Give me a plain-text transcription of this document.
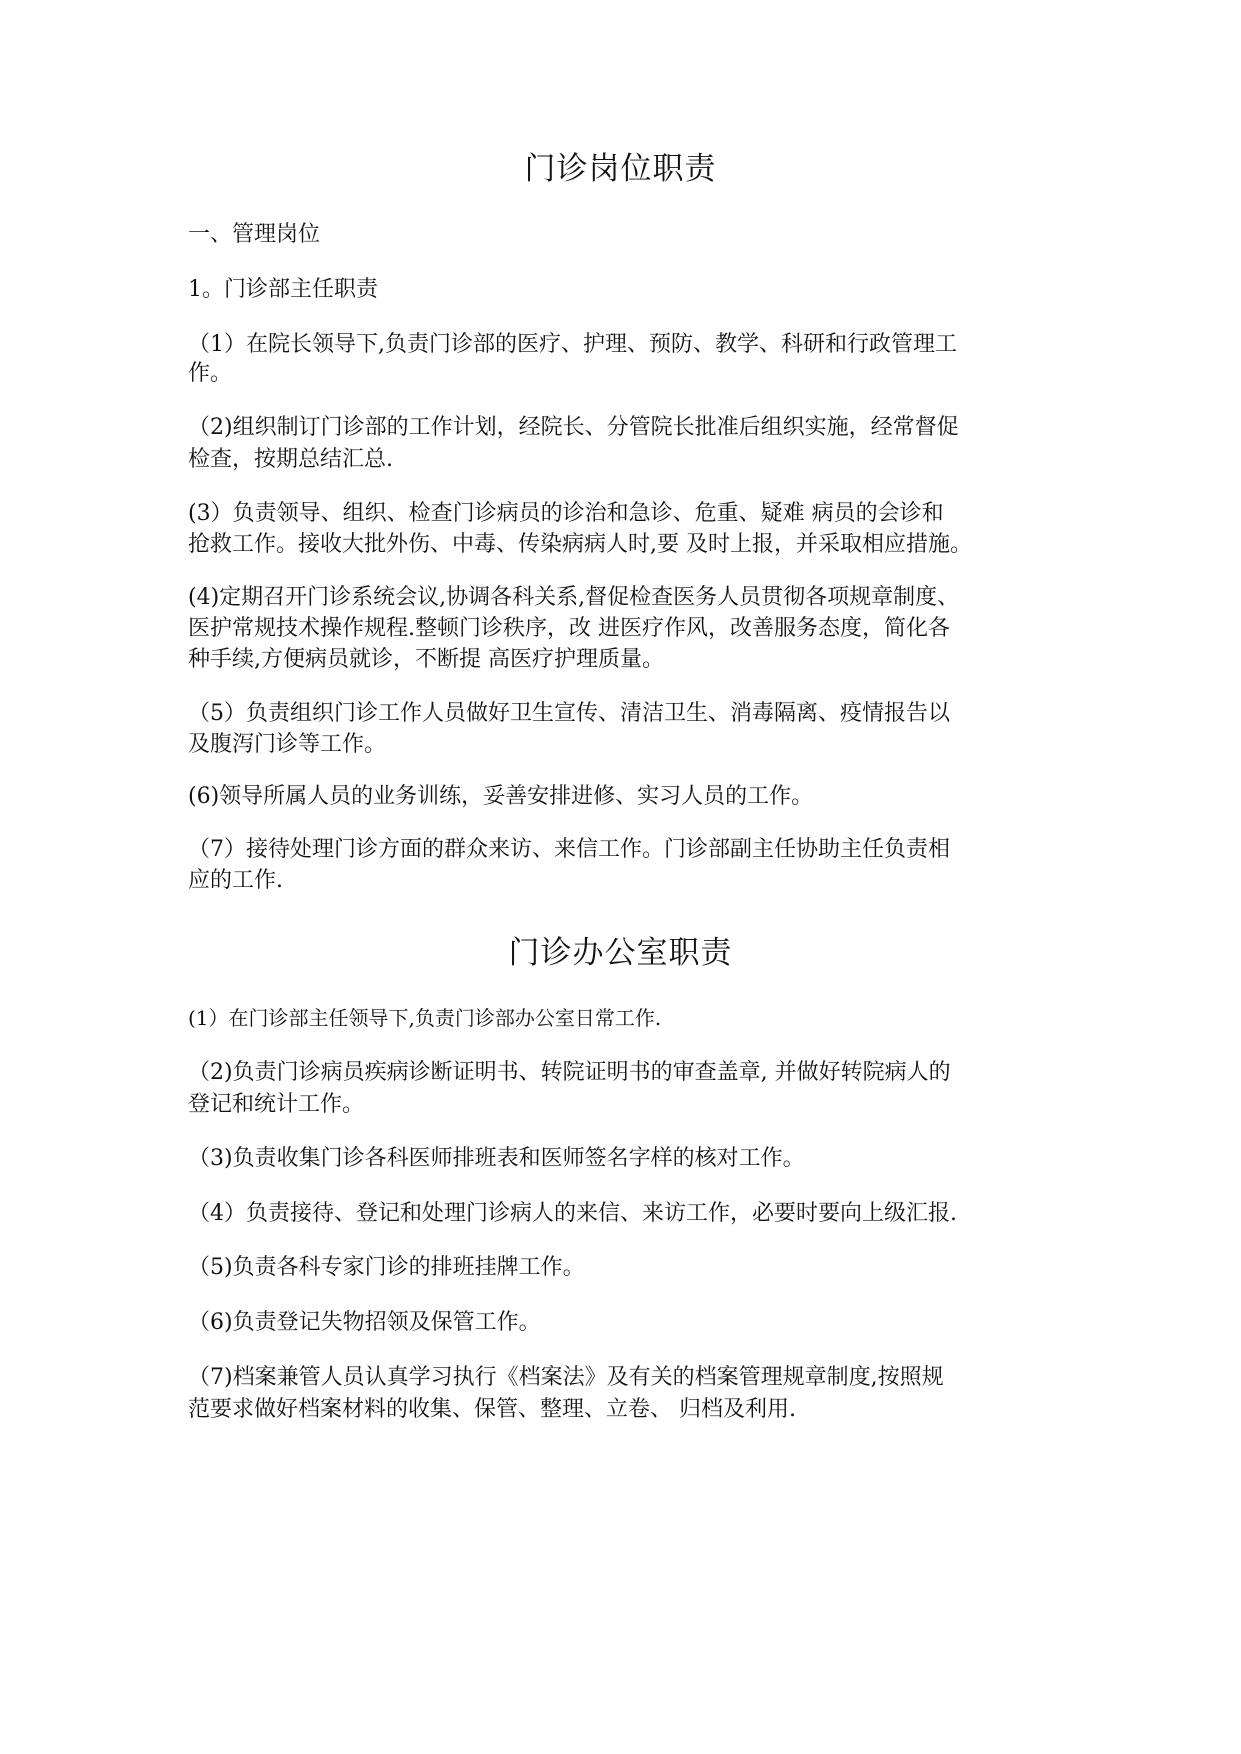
门诊岗位职责

一、管理岗位

1。门诊部主任职责

（1）在院长领导下,负责门诊部的医疗、护理、预防、教学、科研和行政管理工

作。

（2)组织制订门诊部的工作计划，经院长、分管院长批准后组织实施，经常督促

检查，按期总结汇总.

(3）负责领导、组织、检查门诊病员的诊治和急诊、危重、疑难 病员的会诊和

抢救工作。接收大批外伤、中毒、传染病病人时,要 及时上报，并采取相应措施。

(4)定期召开门诊系统会议,协调各科关系,督促检查医务人员贯彻各项规章制度、

医护常规技术操作规程.整顿门诊秩序，改 进医疗作风，改善服务态度，简化各

种手续,方便病员就诊，不断提 高医疗护理质量。

（5）负责组织门诊工作人员做好卫生宣传、清洁卫生、消毒隔离、疫情报告以

及腹泻门诊等工作。

(6)领导所属人员的业务训练，妥善安排进修、实习人员的工作。

（7）接待处理门诊方面的群众来访、来信工作。门诊部副主任协助主任负责相

应的工作.

门诊办公室职责

(1）在门诊部主任领导下,负责门诊部办公室日常工作.

（2)负责门诊病员疾病诊断证明书、转院证明书的审查盖章, 并做好转院病人的

登记和统计工作。

（3)负责收集门诊各科医师排班表和医师签名字样的核对工作。

（4）负责接待、登记和处理门诊病人的来信、来访工作，必要时要向上级汇报.

（5)负责各科专家门诊的排班挂牌工作。

（6)负责登记失物招领及保管工作。

（7)档案兼管人员认真学习执行《档案法》及有关的档案管理规章制度,按照规

范要求做好档案材料的收集、保管、整理、立卷、 归档及利用.
